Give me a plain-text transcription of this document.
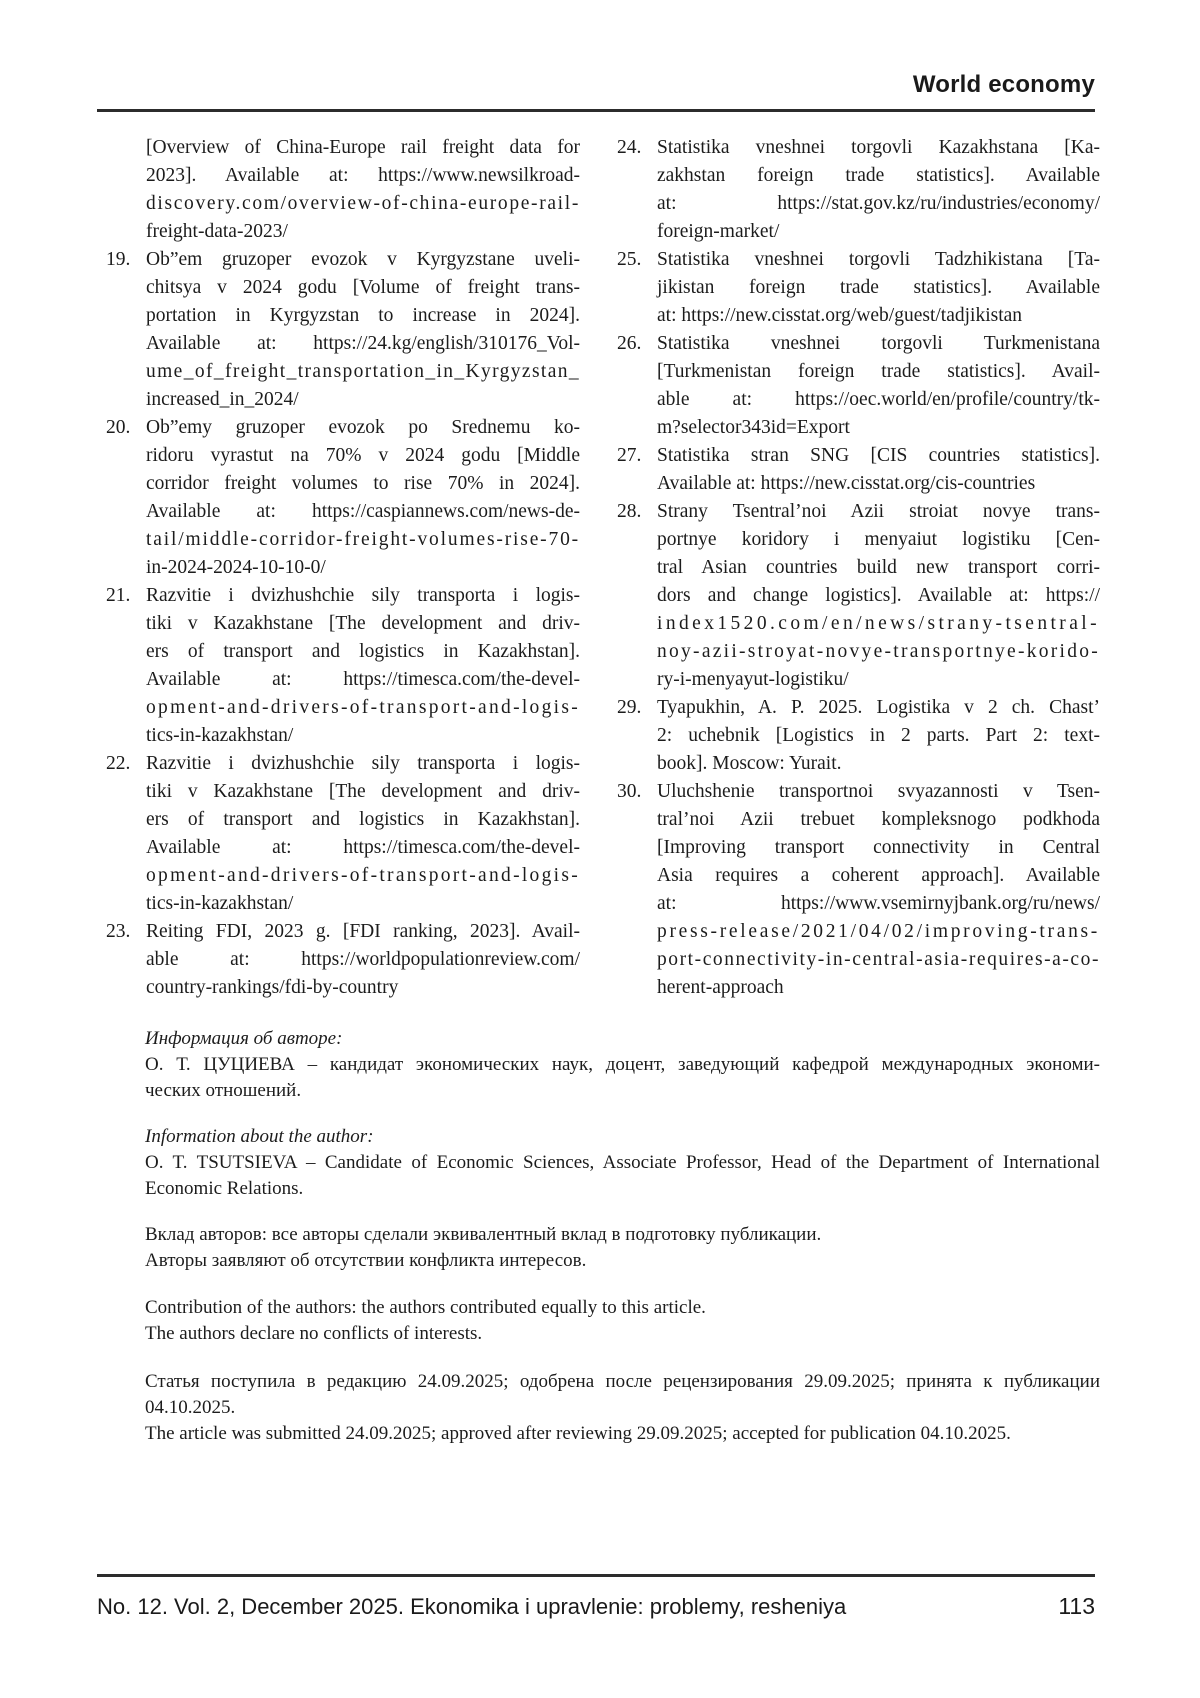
World economy
[Overview of China-Europe rail freight data for
2023]. Available at: https://www.newsilkroad-
discovery.com/overview-of-china-europe-rail-
freight-data-2023/
19. Ob”em gruzoper evozok v Kyrgyzstane uveli-
chitsya v 2024 godu [Volume of freight trans-
portation in Kyrgyzstan to increase in 2024].
Available at: https://24.kg/english/310176_Vol-
ume_of_freight_transportation_in_Kyrgyzstan_
increased_in_2024/
20. Ob”emy gruzoper evozok po Srednemu ko-
ridoru vyrastut na 70% v 2024 godu [Middle
corridor freight volumes to rise 70% in 2024].
Available at: https://caspiannews.com/news-de-
tail/middle-corridor-freight-volumes-rise-70-
in-2024-2024-10-10-0/
21. Razvitie i dvizhushchie sily transporta i logis-
tiki v Kazakhstane [The development and driv-
ers of transport and logistics in Kazakhstan].
Available at: https://timesca.com/the-devel-
opment-and-drivers-of-transport-and-logis-
tics-in-kazakhstan/
22. Razvitie i dvizhushchie sily transporta i logis-
tiki v Kazakhstane [The development and driv-
ers of transport and logistics in Kazakhstan].
Available at: https://timesca.com/the-devel-
opment-and-drivers-of-transport-and-logis-
tics-in-kazakhstan/
23. Reiting FDI, 2023 g. [FDI ranking, 2023]. Avail-
able at: https://worldpopulationreview.com/
country-rankings/fdi-by-country
24. Statistika vneshnei torgovli Kazakhstana [Ka-
zakhstan foreign trade statistics]. Available
at: https://stat.gov.kz/ru/industries/economy/
foreign-market/
25. Statistika vneshnei torgovli Tadzhikistana [Ta-
jikistan foreign trade statistics]. Available
at: https://new.cisstat.org/web/guest/tadjikistan
26. Statistika vneshnei torgovli Turkmenistana
[Turkmenistan foreign trade statistics]. Avail-
able at: https://oec.world/en/profile/country/tk-
m?selector343id=Export
27. Statistika stran SNG [CIS countries statistics].
Available at: https://new.cisstat.org/cis-countries
28. Strany Tsentral’noi Azii stroiat novye trans-
portnye koridory i menyaiut logistiku [Cen-
tral Asian countries build new transport corri-
dors and change logistics]. Available at: https://
index1520.com/en/news/strany-tsentral-
noy-azii-stroyat-novye-transportnye-korido-
ry-i-menyayut-logistiku/
29. Tyapukhin, A. P. 2025. Logistika v 2 ch. Chast’
2: uchebnik [Logistics in 2 parts. Part 2: text-
book]. Moscow: Yurait.
30. Uluchshenie transportnoi svyazannosti v Tsen-
tral’noi Azii trebuet kompleksnogo podkhoda
[Improving transport connectivity in Central
Asia requires a coherent approach]. Available
at: https://www.vsemirnyjbank.org/ru/news/
press-release/2021/04/02/improving-trans-
port-connectivity-in-central-asia-requires-a-co-
herent-approach
Информация об авторе:
О. Т. ЦУЦИЕВА – кандидат экономических наук, доцент, заведующий кафедрой международных экономи-
ческих отношений.
Information about the author:
O. T. TSUTSIEVA – Candidate of Economic Sciences, Associate Professor, Head of the Department of International
Economic Relations.
Вклад авторов: все авторы сделали эквивалентный вклад в подготовку публикации.
Авторы заявляют об отсутствии конфликта интересов.
Contribution of the authors: the authors contributed equally to this article.
The authors declare no conflicts of interests.
Статья поступила в редакцию 24.09.2025; одобрена после рецензирования 29.09.2025; принята к публикации
04.10.2025.
The article was submitted 24.09.2025; approved after reviewing 29.09.2025; accepted for publication 04.10.2025.
No. 12. Vol. 2, December 2025. Ekonomika i upravlenie: problemy, resheniya	113
